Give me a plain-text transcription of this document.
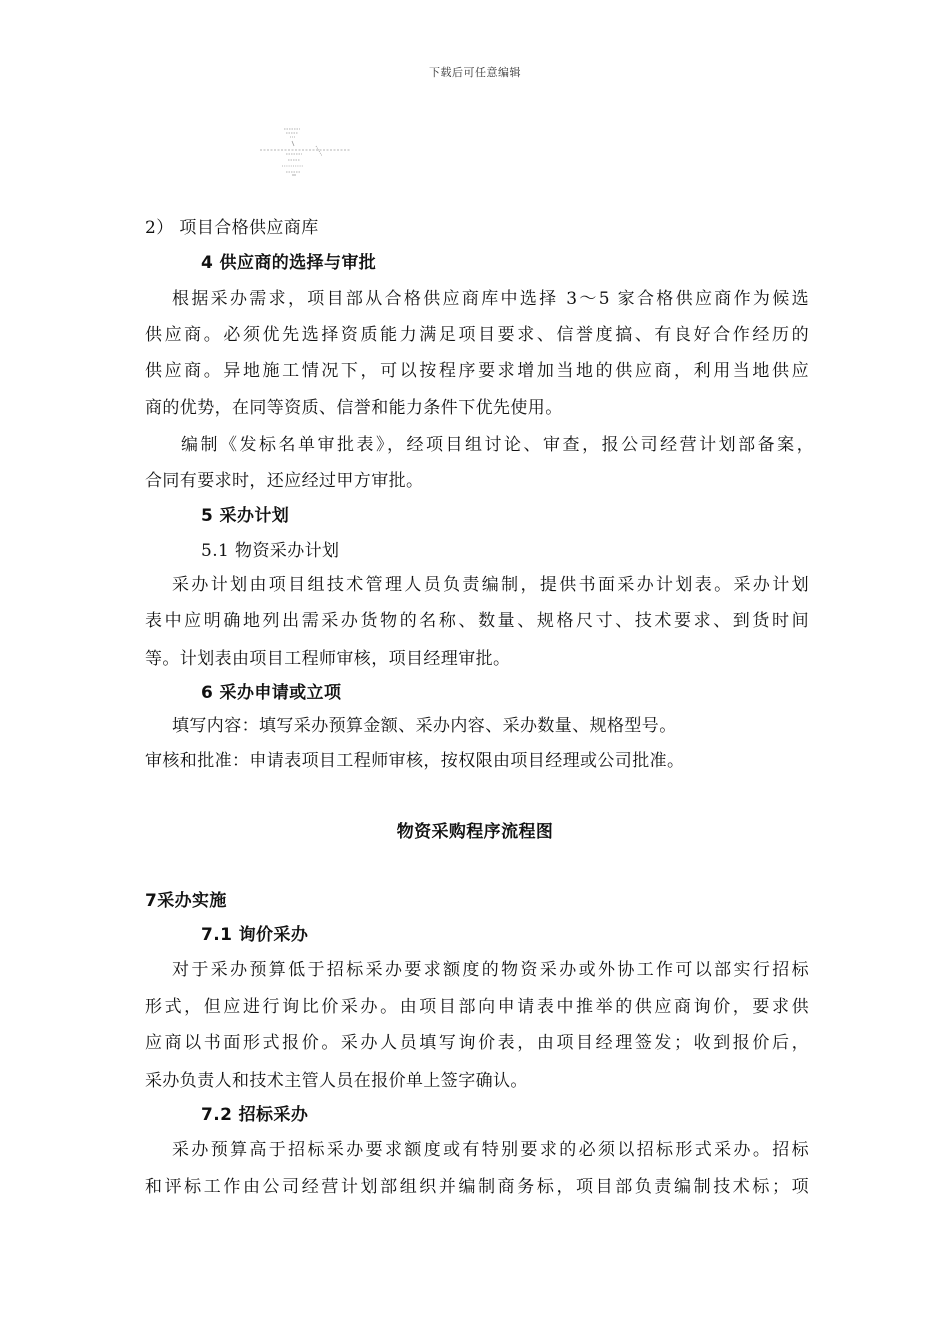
下载后可任意编辑
2） 项目合格供应商库
4 供应商的选择与审批
根据采办需求，项目部从合格供应商库中选择 3～5 家合格供应商作为候选
供应商。必须优先选择资质能力满足项目要求、信誉度搞、有良好合作经历的
供应商。异地施工情况下，可以按程序要求增加当地的供应商，利用当地供应
商的优势，在同等资质、信誉和能力条件下优先使用。
编制《发标名单审批表》，经项目组讨论、审查，报公司经营计划部备案，
合同有要求时，还应经过甲方审批。
5 采办计划
5.1 物资采办计划
采办计划由项目组技术管理人员负责编制，提供书面采办计划表。采办计划
表中应明确地列出需采办货物的名称、数量、规格尺寸、技术要求、到货时间
等。计划表由项目工程师审核，项目经理审批。
6 采办申请或立项
填写内容：填写采办预算金额、采办内容、采办数量、规格型号。
审核和批准：申请表项目工程师审核，按权限由项目经理或公司批准。
物资采购程序流程图
7采办实施
7.1 询价采办
对于采办预算低于招标采办要求额度的物资采办或外协工作可以部实行招标
形式，但应进行询比价采办。由项目部向申请表中推举的供应商询价，要求供
应商以书面形式报价。采办人员填写询价表，由项目经理签发；收到报价后，
采办负责人和技术主管人员在报价单上签字确认。
7.2 招标采办
采办预算高于招标采办要求额度或有特别要求的必须以招标形式采办。招标
和评标工作由公司经营计划部组织并编制商务标，项目部负责编制技术标；项
